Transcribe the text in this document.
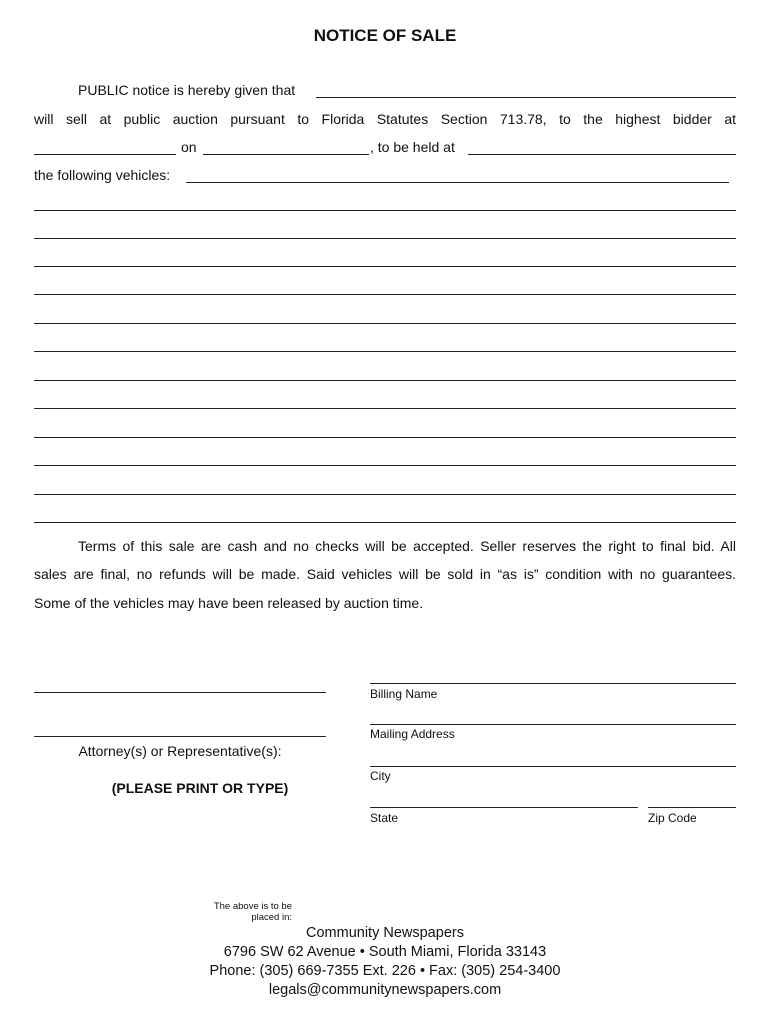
NOTICE OF SALE
PUBLIC notice is hereby given that
will sell at public auction pursuant to Florida Statutes Section 713.78, to the highest bidder at
on	, to be held at
the following vehicles:
Terms of this sale are cash and no checks will be accepted. Seller reserves the right to final bid. All
sales are final, no refunds will be made. Said vehicles will be sold in “as is” condition with no guarantees.
Some of the vehicles may have been released by auction time.
Attorney(s) or Representative(s):
(PLEASE PRINT OR TYPE)
Billing Name
Mailing Address
City
State	Zip Code
The above is to be
placed in:
Community Newspapers
6796 SW 62 Avenue • South Miami, Florida 33143
Phone: (305) 669-7355 Ext. 226 • Fax: (305) 254-3400
legals@communitynewspapers.com
